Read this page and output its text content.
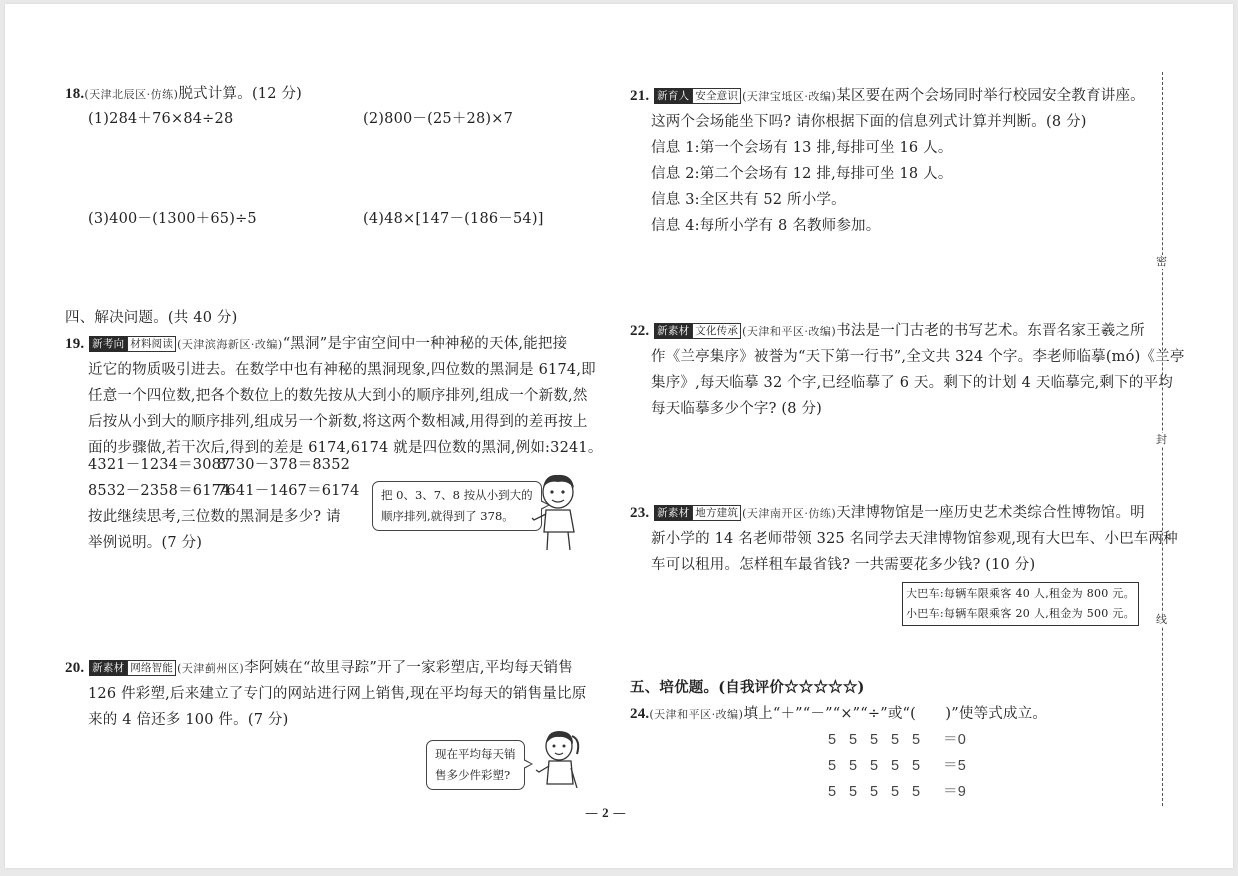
18.(天津北辰区·仿练)脱式计算。(12 分)
(1)284＋76×84÷28	(2)800－(25＋28)×7
(3)400－(1300＋65)÷5	(4)48×[147－(186－54)]
四、解决问题。(共 40 分)
19. 新考向 材料阅读 (天津滨海新区·改编)“黑洞”是宇宙空间中一种神秘的天体,能把接
近它的物质吸引进去。在数学中也有神秘的黑洞现象,四位数的黑洞是 6174,即
任意一个四位数,把各个数位上的数先按从大到小的顺序排列,组成一个新数,然
后按从小到大的顺序排列,组成另一个新数,将这两个数相减,用得到的差再按上
面的步骤做,若干次后,得到的差是 6174,6174 就是四位数的黑洞,例如:3241。
4321－1234＝3087
8730－378＝8352
8532－2358＝6174
7641－1467＝6174
按此继续思考,三位数的黑洞是多少? 请
举例说明。(7 分)
把 0、3、7、8 按从小到大的
顺序排列,就得到了 378。
20. 新素材 网络智能 (天津蓟州区)李阿姨在“故里寻踪”开了一家彩塑店,平均每天销售
126 件彩塑,后来建立了专门的网站进行网上销售,现在平均每天的销售量比原
来的 4 倍还多 100 件。(7 分)
现在平均每天销
售多少件彩塑?
21. 新育人 安全意识 (天津宝坻区·改编)某区要在两个会场同时举行校园安全教育讲座。
这两个会场能坐下吗? 请你根据下面的信息列式计算并判断。(8 分)
信息 1:第一个会场有 13 排,每排可坐 16 人。
信息 2:第二个会场有 12 排,每排可坐 18 人。
信息 3:全区共有 52 所小学。
信息 4:每所小学有 8 名教师参加。
22. 新素材 文化传承 (天津和平区·改编)书法是一门古老的书写艺术。东晋名家王羲之所
作《兰亭集序》被誉为“天下第一行书”,全文共 324 个字。李老师临摹(mó)《兰亭
集序》,每天临摹 32 个字,已经临摹了 6 天。剩下的计划 4 天临摹完,剩下的平均
每天临摹多少个字? (8 分)
23. 新素材 地方建筑 (天津南开区·仿练)天津博物馆是一座历史艺术类综合性博物馆。明
新小学的 14 名老师带领 325 名同学去天津博物馆参观,现有大巴车、小巴车两种
车可以租用。怎样租车最省钱? 一共需要花多少钱? (10 分)
大巴车:每辆车限乘客 40 人,租金为 800 元。
小巴车:每辆车限乘客 20 人,租金为 500 元。
五、培优题。(自我评价☆☆☆☆☆)
24.(天津和平区·改编)填上“＋”“－”“×”“÷”或“(　　)”使等式成立。
5 5 5 5 5 ＝0
5 5 5 5 5 ＝5
5 5 5 5 5 ＝9
密
封
线
— 2 —
